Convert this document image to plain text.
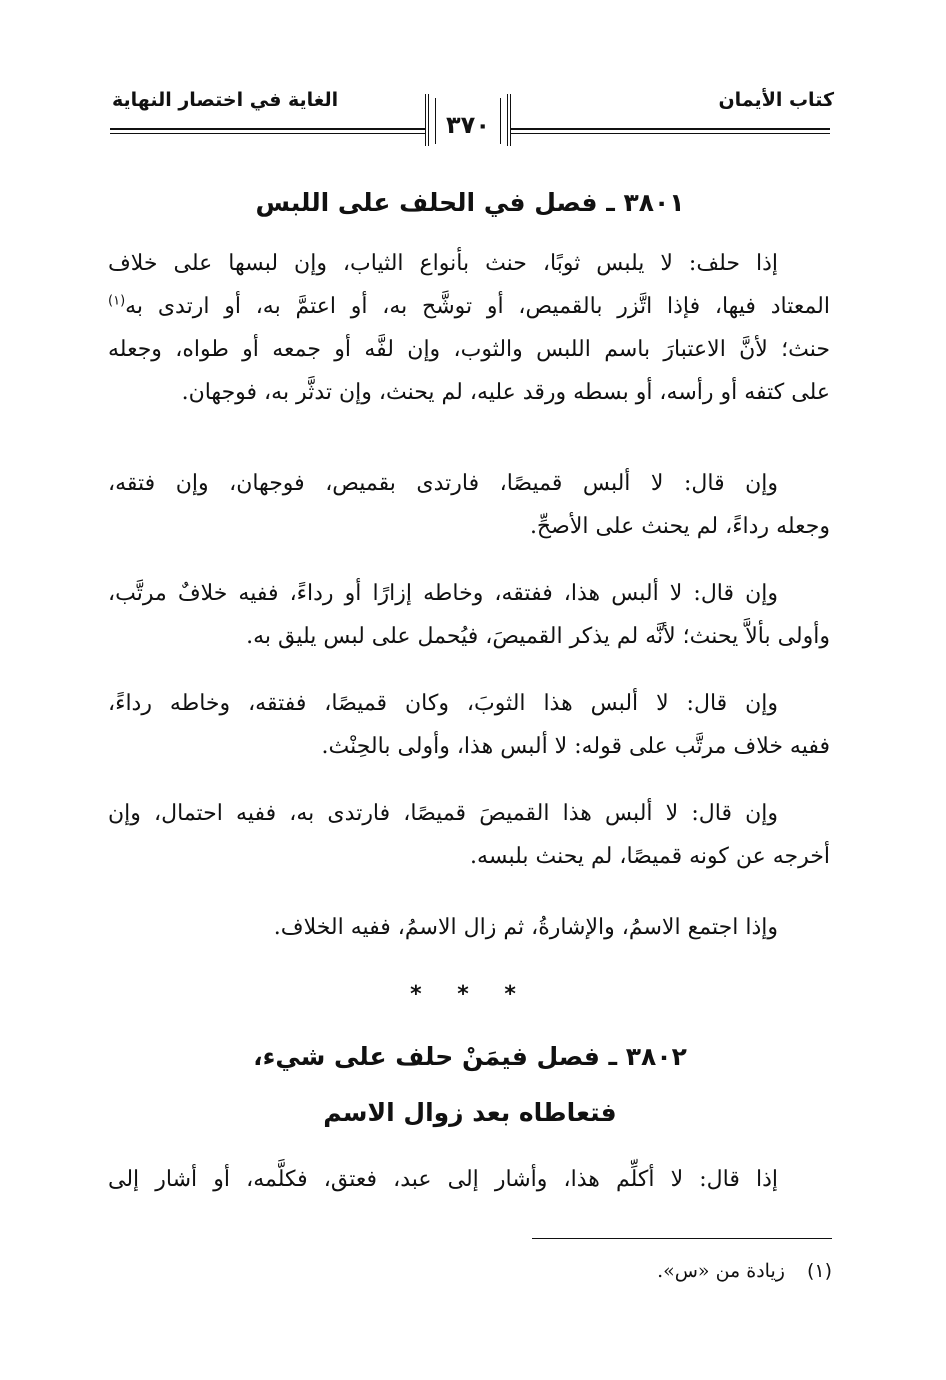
كتاب الأيمان
الغاية في اختصار النهاية
٣٧٠
٣٨٠١ ـ فصل في الحلف على اللبس
إذا حلف: لا يلبس ثوبًا، حنث بأنواع الثياب، وإن لبسها على خلاف
المعتاد فيها، فإذا اتَّزر بالقميص، أو توشَّح به، أو اعتمَّ به، أو ارتدى به$^{(١)}$
حنث؛ لأنَّ الاعتبارَ باسم اللبس والثوب، وإن لفَّه أو جمعه أو طواه، وجعله
على كتفه أو رأسه، أو بسطه ورقد عليه، لم يحنث، وإن تدثَّر به، فوجهان.
وإن قال: لا ألبس قميصًا، فارتدى بقميص، فوجهان، وإن فتقه،
وجعله رداءً، لم يحنث على الأصحِّ.
وإن قال: لا ألبس هذا، ففتقه، وخاطه إزارًا أو رداءً، ففيه خلافٌ مرتَّب،
وأولى بألاَّ يحنث؛ لأنَّه لم يذكر القميصَ، فيُحمل على لبس يليق به.
وإن قال: لا ألبس هذا الثوبَ، وكان قميصًا، ففتقه، وخاطه رداءً،
ففيه خلاف مرتَّب على قوله: لا ألبس هذا، وأولى بالحِنْث.
وإن قال: لا ألبس هذا القميصَ قميصًا، فارتدى به، ففيه احتمال، وإن
أخرجه عن كونه قميصًا، لم يحنث بلبسه.
وإذا اجتمع الاسمُ، والإشارةُ، ثم زال الاسمُ، ففيه الخلاف.
* * *
٣٨٠٢ ـ فصل فيمَنْ حلف على شيء،
فتعاطاه بعد زوال الاسم
إذا قال: لا أكلِّم هذا، وأشار إلى عبد، فعتق، فكلَّمه، أو أشار إلى
(١)زيادة من «س».
